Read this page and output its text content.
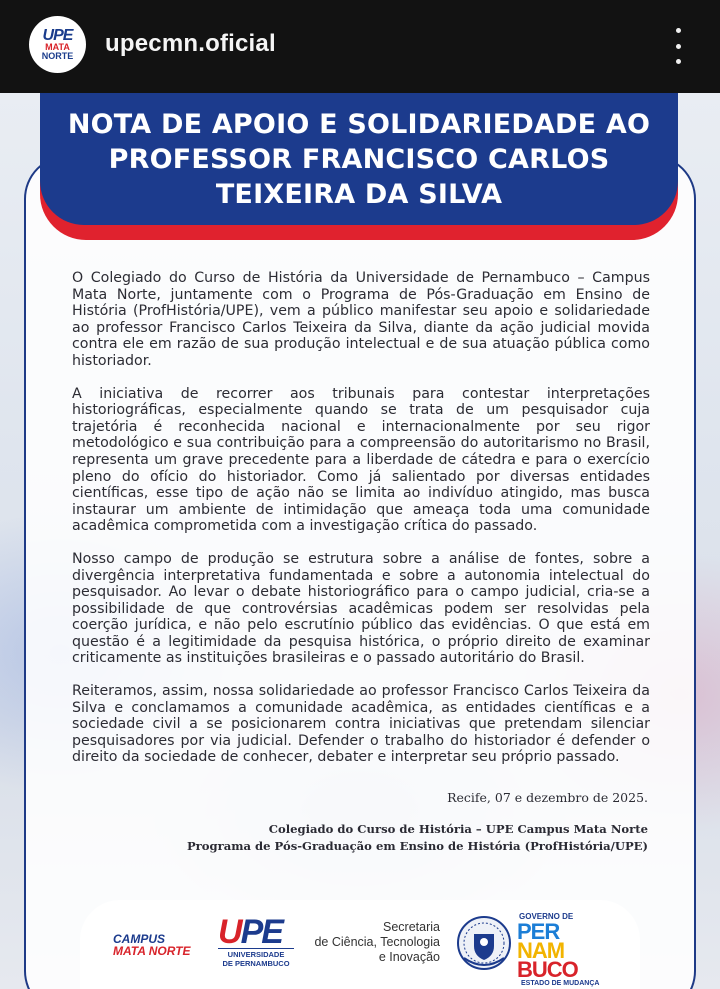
UPE
MATA
NORTE upecmn.oficial
NOTA DE APOIO E SOLIDARIEDADE AO PROFESSOR FRANCISCO CARLOS TEIXEIRA DA SILVA

O Colegiado do Curso de História da Universidade de Pernambuco – Campus Mata Norte, juntamente com o Programa de Pós-Graduação em Ensino de História (ProfHistória/UPE), vem a público manifestar seu apoio e solidariedade ao professor Francisco Carlos Teixeira da Silva, diante da ação judicial movida contra ele em razão de sua produção intelectual e de sua atuação pública como historiador.

A iniciativa de recorrer aos tribunais para contestar interpretações historiográficas, especialmente quando se trata de um pesquisador cuja trajetória é reconhecida nacional e internacionalmente por seu rigor metodológico e sua contribuição para a compreensão do autoritarismo no Brasil, representa um grave precedente para a liberdade de cátedra e para o exercício pleno do ofício do historiador. Como já salientado por diversas entidades científicas, esse tipo de ação não se limita ao indivíduo atingido, mas busca instaurar um ambiente de intimidação que ameaça toda uma comunidade acadêmica comprometida com a investigação crítica do passado.

Nosso campo de produção se estrutura sobre a análise de fontes, sobre a divergência interpretativa fundamentada e sobre a autonomia intelectual do pesquisador. Ao levar o debate historiográfico para o campo judicial, cria-se a possibilidade de que controvérsias acadêmicas podem ser resolvidas pela coerção jurídica, e não pelo escrutínio público das evidências. O que está em questão é a legitimidade da pesquisa histórica, o próprio direito de examinar criticamente as instituições brasileiras e o passado autoritário do Brasil.

Reiteramos, assim, nossa solidariedade ao professor Francisco Carlos Teixeira da Silva e conclamamos a comunidade acadêmica, as entidades científicas e a sociedade civil a se posicionarem contra iniciativas que pretendam silenciar pesquisadores por via judicial. Defender o trabalho do historiador é defender o direito da sociedade de conhecer, debater e interpretar seu próprio passado.

Recife, 07 e dezembro de 2025.
Colegiado do Curso de História – UPE Campus Mata Norte
Programa de Pós-Graduação em Ensino de História (ProfHistória/UPE)
CAMPUS
MATA NORTE UPE
UNIVERSIDADE
DE PERNAMBUCO
Secretaria
de Ciência, Tecnologia
e Inovação
GOVERNO DE
PER
NAM
BUCO
ESTADO DE MUDANÇA
